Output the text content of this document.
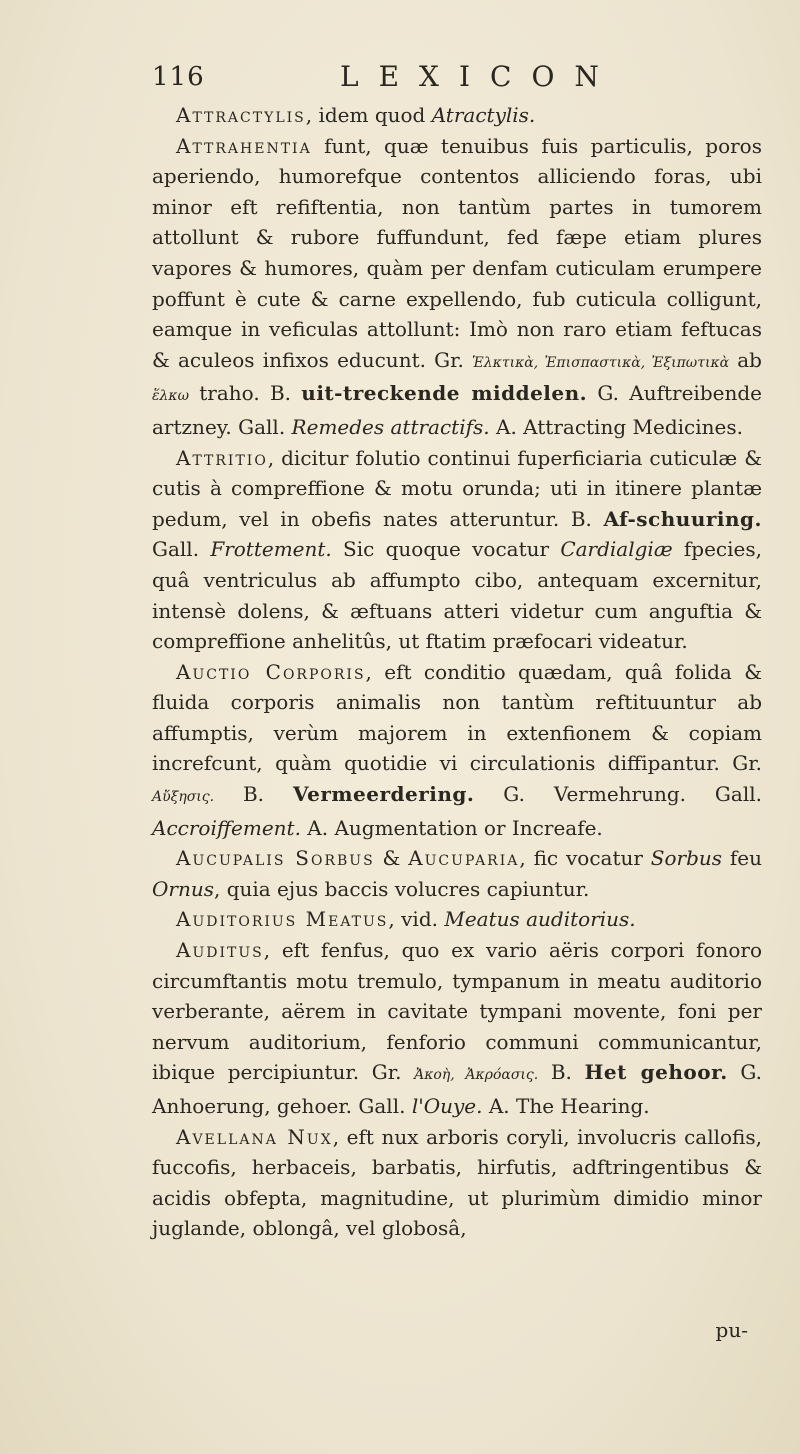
116	LEXICON

Attractylis, idem quod Atractylis.

Attrahentia funt, quæ tenuibus fuis particulis, poros aperiendo, humorefque contentos alliciendo foras, ubi minor eft refiftentia, non tantùm partes in tumorem attollunt & rubore fuffundunt, fed fæpe etiam plures vapores & humores, quàm per denfam cuticulam erumpere poffunt è cute & carne expellendo, fub cuticula colligunt, eamque in veficulas attollunt: Imò non raro etiam feftucas & aculeos infixos educunt. Gr. Ἑλκτικὰ, Ἐπισπαστικὰ, Ἐξιπωτικὰ ab ἕλκω traho. B. uit-treckende middelen. G. Auftreibende artzney. Gall. Remedes attractifs. A. Attracting Medicines.

Attritio, dicitur folutio continui fuperficiaria cuticulæ & cutis à compreffione & motu orunda; uti in itinere plantæ pedum, vel in obefis nates atteruntur. B. Af-schuuring. Gall. Frottement. Sic quoque vocatur Cardialgiæ fpecies, quâ ventriculus ab affumpto cibo, antequam excernitur, intensè dolens, & æftuans atteri videtur cum anguftia & compreffione anhelitûs, ut ftatim præfocari videatur.

Auctio Corporis, eft conditio quædam, quâ folida & fluida corporis animalis non tantùm reftituuntur ab affumptis, verùm majorem in extenfionem & copiam increfcunt, quàm quotidie vi circulationis diffipantur. Gr. Αὔξησις. B. Vermeerdering. G. Vermehrung. Gall. Accroiffement. A. Augmentation or Increafe.

Aucupalis Sorbus & Aucuparia, fic vocatur Sorbus feu Ornus, quia ejus baccis volucres capiuntur.

Auditorius Meatus, vid. Meatus auditorius.

Auditus, eft fenfus, quo ex vario aëris corpori fonoro circumftantis motu tremulo, tympanum in meatu auditorio verberante, aërem in cavitate tympani movente, foni per nervum auditorium, fenforio communi communicantur, ibique percipiuntur. Gr. Ἀκοὴ, Ἀκρόασις. B. Het gehoor. G. Anhoerung, gehoer. Gall. l'Ouye. A. The Hearing.

Avellana Nux, eft nux arboris coryli, involucris callofis, fuccofis, herbaceis, barbatis, hirfutis, adftringentibus & acidis obfepta, magnitudine, ut plurimùm dimidio minor juglande, oblongâ, vel globosâ,

pu-
